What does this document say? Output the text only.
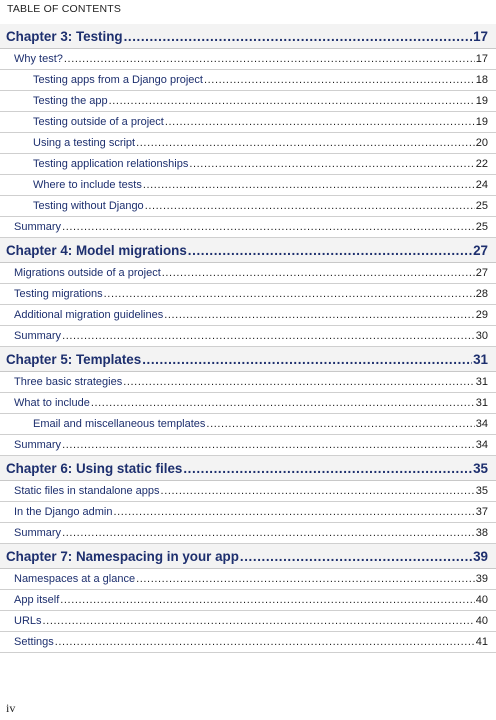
TABLE OF CONTENTS
Chapter 3: Testing .....	17
Why test? .....	17
Testing apps from a Django project .....	18
Testing the app .....	19
Testing outside of a project .....	19
Using a testing script .....	20
Testing application relationships .....	22
Where to include tests .....	24
Testing without Django .....	25
Summary .....	25
Chapter 4: Model migrations .....	27
Migrations outside of a project .....	27
Testing migrations .....	28
Additional migration guidelines .....	29
Summary .....	30
Chapter 5: Templates .....	31
Three basic strategies .....	31
What to include .....	31
Email and miscellaneous templates .....	34
Summary .....	34
Chapter 6: Using static files .....	35
Static files in standalone apps .....	35
In the Django admin .....	37
Summary .....	38
Chapter 7: Namespacing in your app .....	39
Namespaces at a glance .....	39
App itself .....	40
URLs .....	40
Settings .....	41
iv
